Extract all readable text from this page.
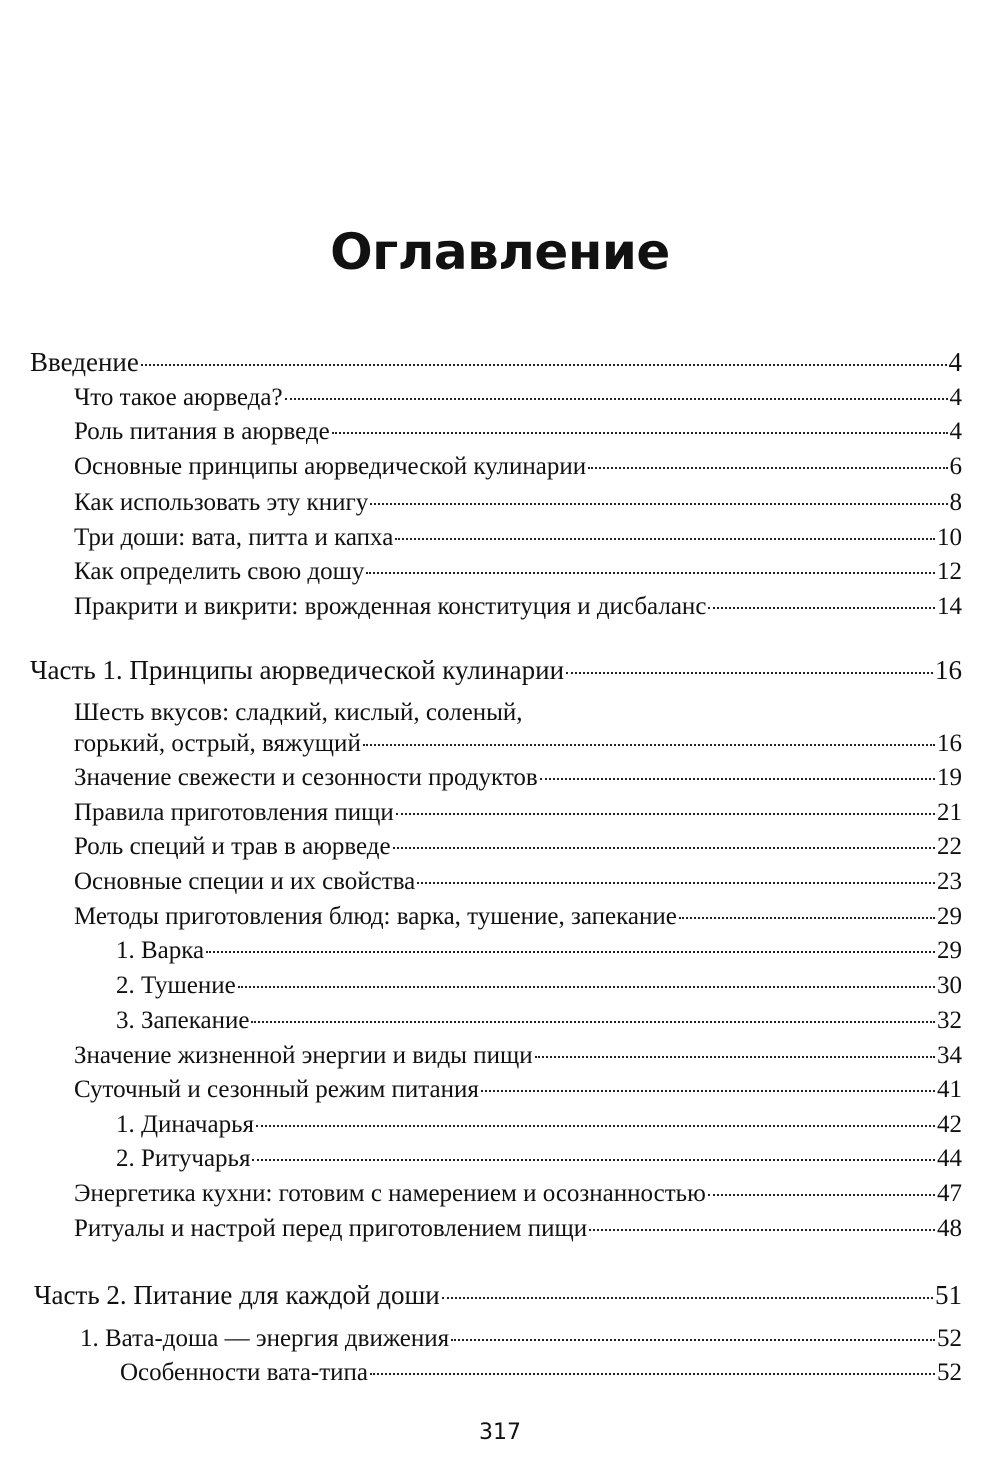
Оглавление
Введение	4
Что такое аюрведа?	4
Роль питания в аюрведе	4
Основные принципы аюрведической кулинарии	6
Как использовать эту книгу	8
Три доши: вата, питта и капха	10
Как определить свою дошу	12
Пракрити и викрити: врожденная конституция и дисбаланс	14
Часть 1. Принципы аюрведической кулинарии	16
Шесть вкусов: сладкий, кислый, соленый,
горький, острый, вяжущий	16
Значение свежести и сезонности продуктов	19
Правила приготовления пищи	21
Роль специй и трав в аюрведе	22
Основные специи и их свойства	23
Методы приготовления блюд: варка, тушение, запекание	29
1. Варка	29
2. Тушение	30
3. Запекание	32
Значение жизненной энергии и виды пищи	34
Суточный и сезонный режим питания	41
1. Диначарья	42
2. Ритучарья	44
Энергетика кухни: готовим с намерением и осознанностью	47
Ритуалы и настрой перед приготовлением пищи	48
Часть 2. Питание для каждой доши	51
1. Вата-доша — энергия движения	52
Особенности вата-типа	52
317
